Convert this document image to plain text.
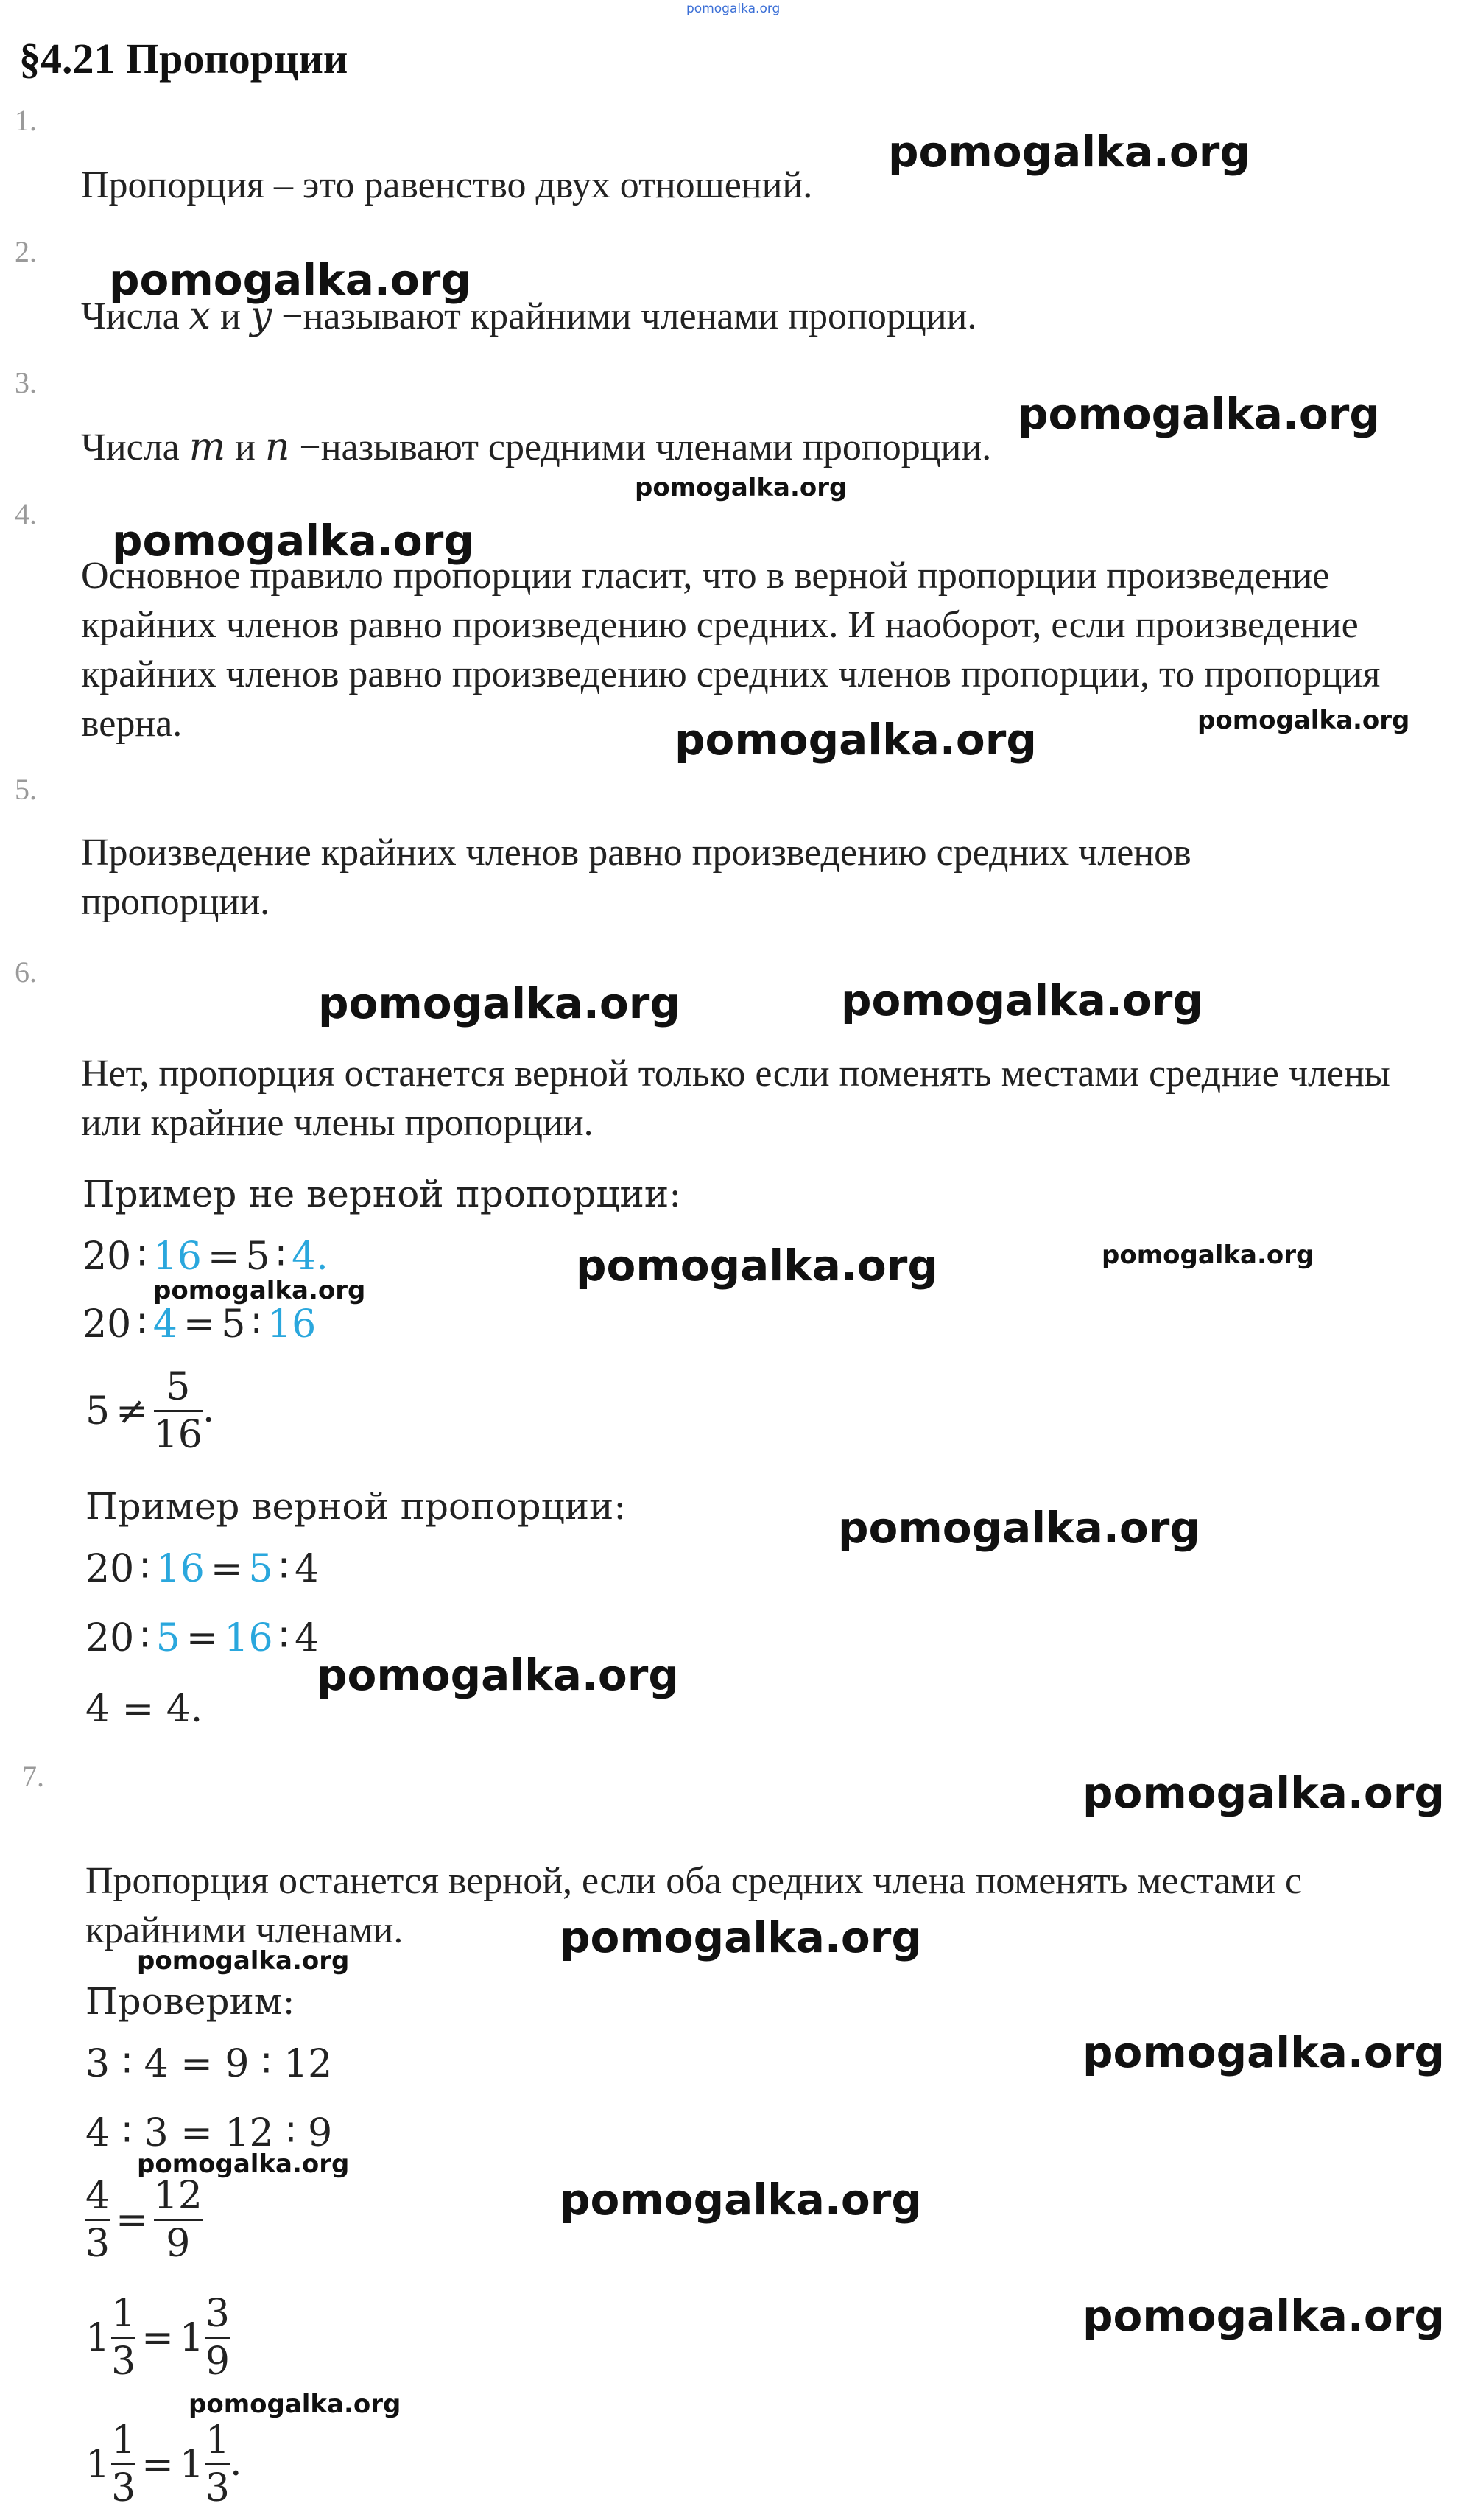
pomogalka.org
§4.21 Пропорции
1.
Пропорция – это равенство двух отношений.
2.
Числа x и y −называют крайними членами пропорции.
3.
Числа m и n −называют средними членами пропорции.
4.
Основное правило пропорции гласит, что в верной пропорции произведение крайних членов равно произведению средних. И наоборот, если произведение крайних членов равно произведению средних членов пропорции, то пропорция верна.
5.
Произведение крайних членов равно произведению средних членов пропорции.
6.
Нет, пропорция останется верной только если поменять местами средние члены или крайние члены пропорции.
Пример не верной пропорции:
20 ∶ 16 = 5 ∶ 4.
20 ∶ 4 = 5 ∶ 16
$5 \ne \frac{5}{16}$ .
Пример верной пропорции:
20 ∶ 16 = 5 ∶ 4
20 ∶ 5 = 16 ∶ 4
4 = 4.
7.
Пропорция останется верной, если оба средних члена поменять местами с крайними членами.
Проверим:
3 ∶ 4 = 9 ∶ 12
4 ∶ 3 = 12 ∶ 9
$\frac{4}{3} = \frac{12}{9}$
$1 \frac{1}{3} = 1 \frac{3}{9}$
$1 \frac{1}{3} = 1 \frac{1}{3}$ .
pomogalka.org
pomogalka.org
pomogalka.org
pomogalka.org
pomogalka.org
pomogalka.org	pomogalka.org
pomogalka.org	pomogalka.org
pomogalka.org	pomogalka.org
pomogalka.org
pomogalka.org
pomogalka.org
pomogalka.org
pomogalka.org
pomogalka.org
pomogalka.org
pomogalka.org
pomogalka.org
pomogalka.org
pomogalka.org
